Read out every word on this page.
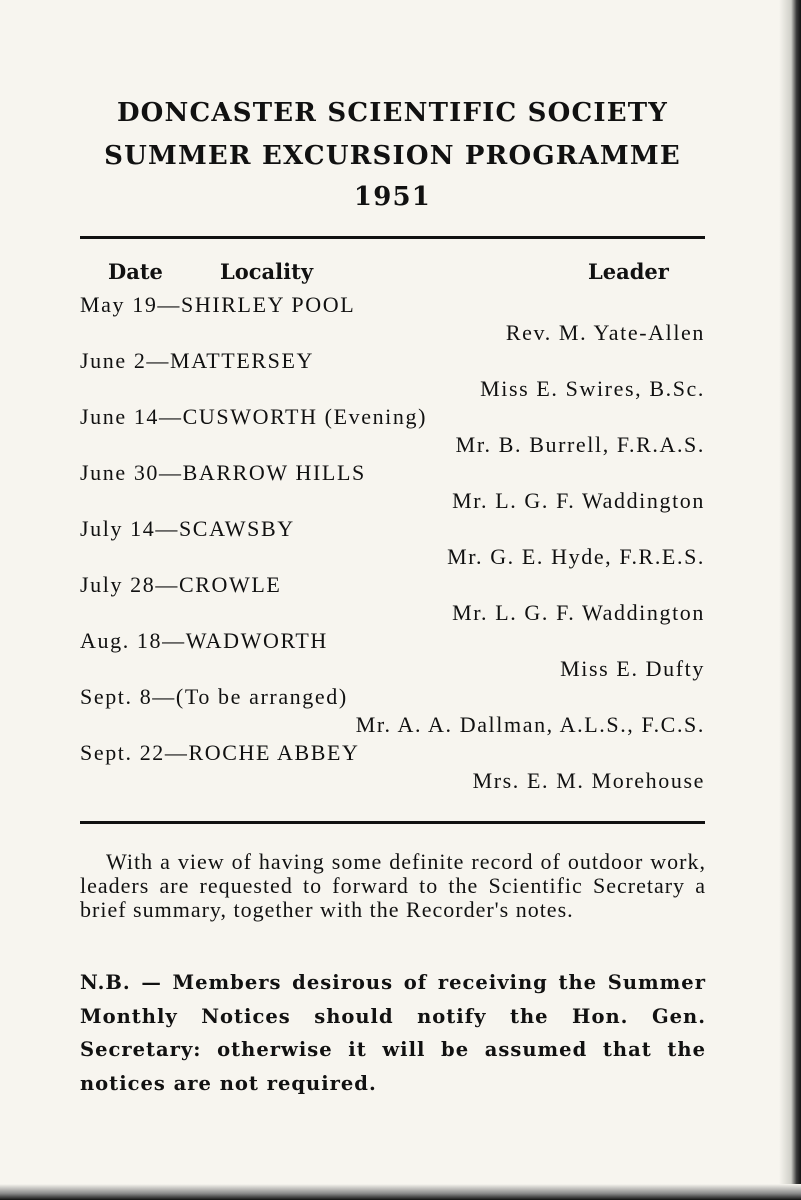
DONCASTER SCIENTIFIC SOCIETY
SUMMER EXCURSION PROGRAMME
1951
Date	Locality	Leader
May 19—SHIRLEY POOL
Rev. M. Yate-Allen
June 2—MATTERSEY
Miss E. Swires, B.Sc.
June 14—CUSWORTH (Evening)
Mr. B. Burrell, F.R.A.S.
June 30—BARROW HILLS
Mr. L. G. F. Waddington
July 14—SCAWSBY
Mr. G. E. Hyde, F.R.E.S.
July 28—CROWLE
Mr. L. G. F. Waddington
Aug. 18—WADWORTH
Miss E. Dufty
Sept. 8—(To be arranged)
Mr. A. A. Dallman, A.L.S., F.C.S.
Sept. 22—ROCHE ABBEY
Mrs. E. M. Morehouse
With a view of having some definite record of outdoor work, leaders are requested to forward to the Scientific Secretary a brief summary, together with the Recorder's notes.
N.B. — Members desirous of receiving the Summer Monthly Notices should notify the Hon. Gen. Secretary: otherwise it will be assumed that the notices are not required.
